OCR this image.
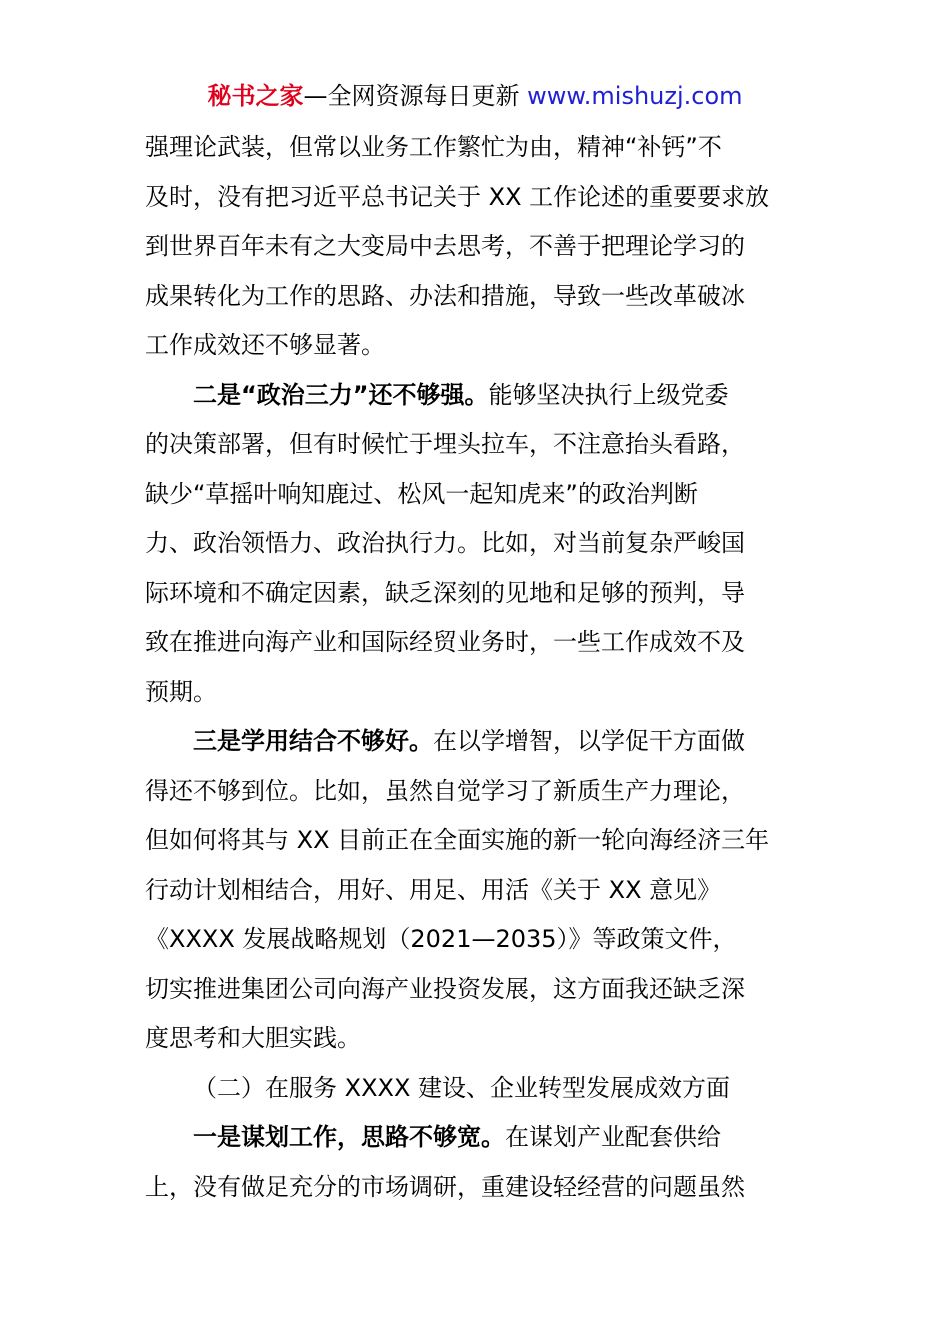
秘书之家—全网资源每日更新 www.mishuzj.com
强理论武装，但常以业务工作繁忙为由，精神“补钙”不
及时，没有把习近平总书记关于 XX 工作论述的重要要求放
到世界百年未有之大变局中去思考，不善于把理论学习的
成果转化为工作的思路、办法和措施，导致一些改革破冰
工作成效还不够显著。
二是“政治三力”还不够强。能够坚决执行上级党委
的决策部署，但有时候忙于埋头拉车，不注意抬头看路，
缺少“草摇叶响知鹿过、松风一起知虎来”的政治判断
力、政治领悟力、政治执行力。比如，对当前复杂严峻国
际环境和不确定因素，缺乏深刻的见地和足够的预判，导
致在推进向海产业和国际经贸业务时，一些工作成效不及
预期。
三是学用结合不够好。在以学增智，以学促干方面做
得还不够到位。比如，虽然自觉学习了新质生产力理论，
但如何将其与 XX 目前正在全面实施的新一轮向海经济三年
行动计划相结合，用好、用足、用活《关于 XX 意见》
《XXXX 发展战略规划（2021—2035）》等政策文件，
切实推进集团公司向海产业投资发展，这方面我还缺乏深
度思考和大胆实践。
（二）在服务 XXXX 建设、企业转型发展成效方面
一是谋划工作，思路不够宽。在谋划产业配套供给
上，没有做足充分的市场调研，重建设轻经营的问题虽然
